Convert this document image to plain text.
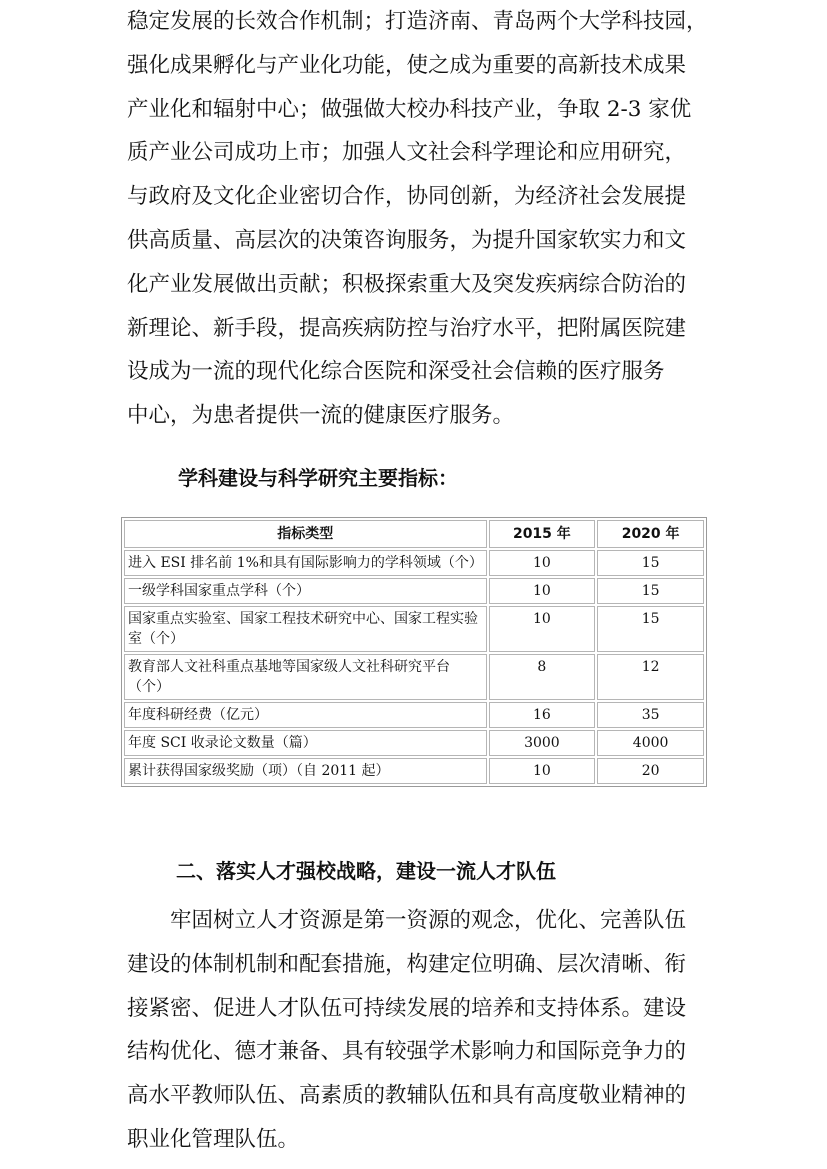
稳定发展的长效合作机制；打造济南、青岛两个大学科技园，
强化成果孵化与产业化功能，使之成为重要的高新技术成果
产业化和辐射中心；做强做大校办科技产业，争取 2-3 家优
质产业公司成功上市；加强人文社会科学理论和应用研究，
与政府及文化企业密切合作，协同创新，为经济社会发展提
供高质量、高层次的决策咨询服务，为提升国家软实力和文
化产业发展做出贡献；积极探索重大及突发疾病综合防治的
新理论、新手段，提高疾病防控与治疗水平，把附属医院建
设成为一流的现代化综合医院和深受社会信赖的医疗服务
中心，为患者提供一流的健康医疗服务。
学科建设与科学研究主要指标：
指标类型	2015 年	2020 年
进入 ESI 排名前 1%和具有国际影响力的学科领域（个）	10	15
一级学科国家重点学科（个）	10	15
国家重点实验室、国家工程技术研究中心、国家工程实验室（个）	10	15
教育部人文社科重点基地等国家级人文社科研究平台（个）	8	12
年度科研经费（亿元）	16	35
年度 SCI 收录论文数量（篇）	3000	4000
累计获得国家级奖励（项）（自 2011 起）	10	20
二、落实人才强校战略，建设一流人才队伍
牢固树立人才资源是第一资源的观念，优化、完善队伍
建设的体制机制和配套措施，构建定位明确、层次清晰、衔
接紧密、促进人才队伍可持续发展的培养和支持体系。建设
结构优化、德才兼备、具有较强学术影响力和国际竞争力的
高水平教师队伍、高素质的教辅队伍和具有高度敬业精神的
职业化管理队伍。
